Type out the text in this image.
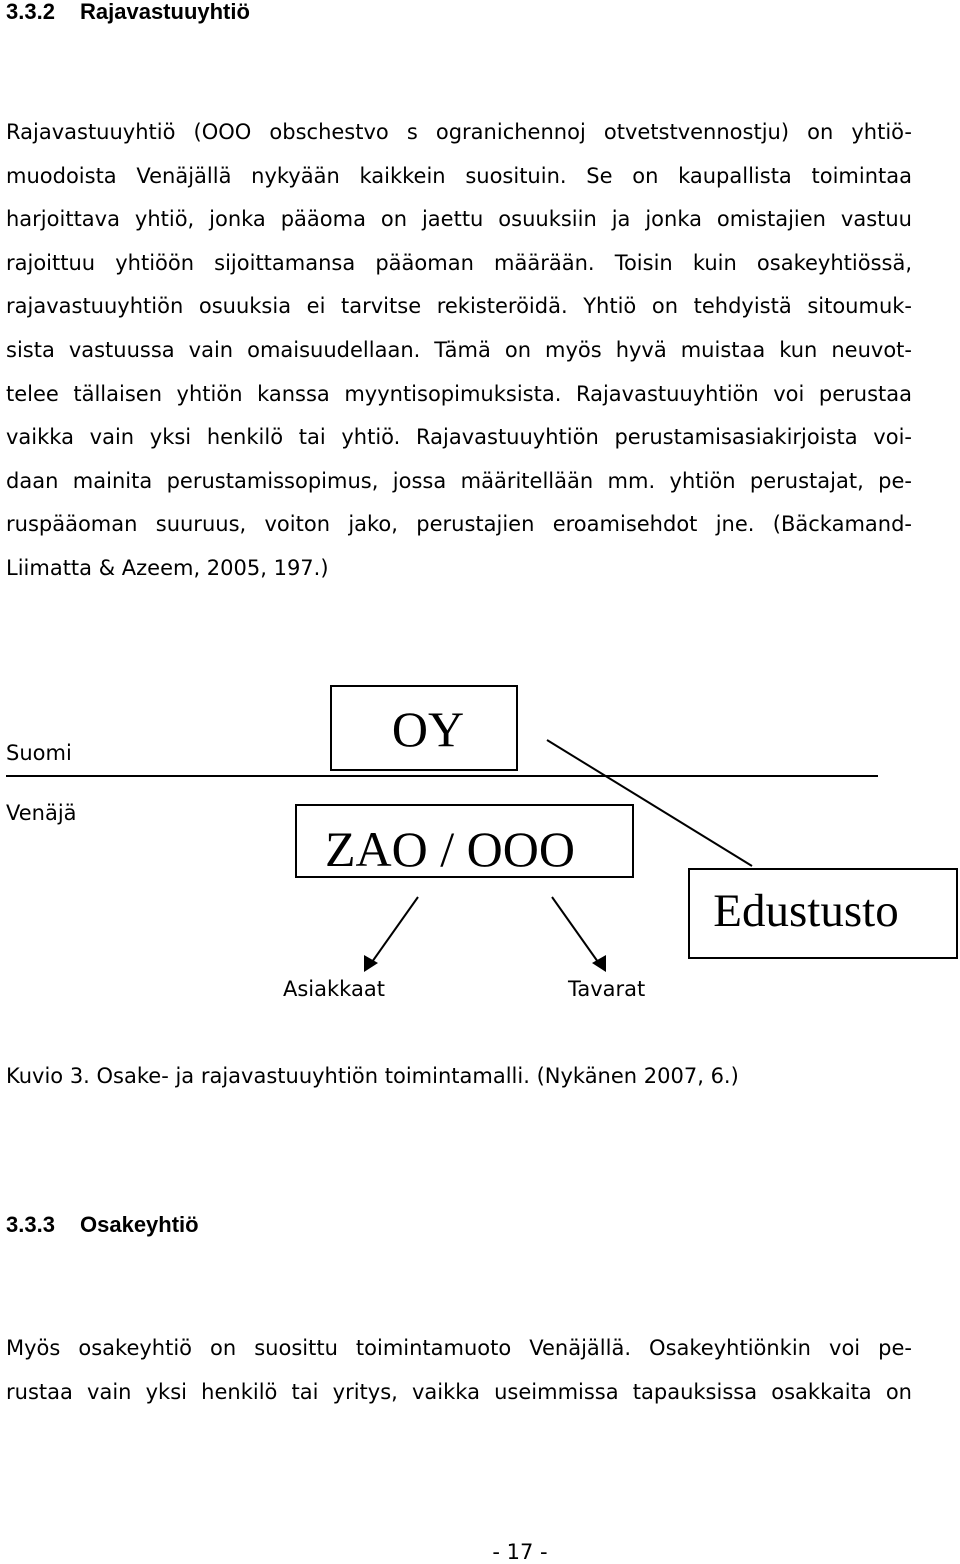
3.3.2 Rajavastuuyhtiö
Rajavastuuyhtiö (OOO obschestvo s ogranichennoj otvetstvennostju) on yhtiö-
muodoista Venäjällä nykyään kaikkein suosituin. Se on kaupallista toimintaa
harjoittava yhtiö, jonka pääoma on jaettu osuuksiin ja jonka omistajien vastuu
rajoittuu yhtiöön sijoittamansa pääoman määrään. Toisin kuin osakeyhtiössä,
rajavastuuyhtiön osuuksia ei tarvitse rekisteröidä. Yhtiö on tehdyistä sitoumuk-
sista vastuussa vain omaisuudellaan. Tämä on myös hyvä muistaa kun neuvot-
telee tällaisen yhtiön kanssa myyntisopimuksista. Rajavastuuyhtiön voi perustaa
vaikka vain yksi henkilö tai yhtiö. Rajavastuuyhtiön perustamisasiakirjoista voi-
daan mainita perustamissopimus, jossa määritellään mm. yhtiön perustajat, pe-
ruspääoman suuruus, voiton jako, perustajien eroamisehdot jne. (Bäckamand-
Liimatta & Azeem, 2005, 197.)
Suomi
Venäjä
OY
ZAO / OOO
Edustusto
Asiakkaat	Tavarat
Kuvio 3. Osake- ja rajavastuuyhtiön toimintamalli. (Nykänen 2007, 6.)
3.3.3 Osakeyhtiö
Myös osakeyhtiö on suosittu toimintamuoto Venäjällä. Osakeyhtiönkin voi pe-
rustaa vain yksi henkilö tai yritys, vaikka useimmissa tapauksissa osakkaita on
- 17 -
